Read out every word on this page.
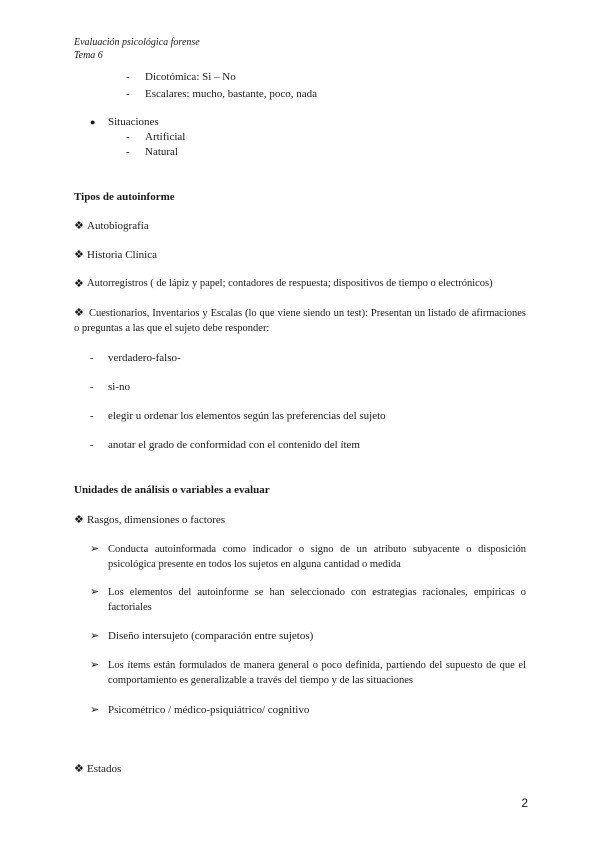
Evaluación psicológica forense
Tema 6
- Dicotómica: Si – No
- Escalares: mucho, bastante, poco, nada
● Situaciones
- Artificial
- Natural
Tipos de autoinforme
❖ Autobiografía
❖ Historia Clínica
❖ Autorregistros ( de lápiz y papel; contadores de respuesta; dispositivos de tiempo o electrónicos)
❖ Cuestionarios, Inventarios y Escalas (lo que viene siendo un test): Presentan un listado de afirmaciones o preguntas a las que el sujeto debe responder:
- verdadero-falso-
- si-no
- elegir u ordenar los elementos según las preferencias del sujeto
- anotar el grado de conformidad con el contenido del ítem
Unidades de análisis o variables a evaluar
❖ Rasgos, dimensiones o factores
➢ Conducta autoinformada como indicador o signo de un atributo subyacente o disposición psicológica presente en todos los sujetos en alguna cantidad o medida
➢ Los elementos del autoinforme se han seleccionado con estrategias racionales, empíricas o factoriales
➢ Diseño intersujeto (comparación entre sujetos)
➢ Los ítems están formulados de manera general o poco definida, partiendo del supuesto de que el comportamiento es generalizable a través del tiempo y de las situaciones
➢ Psicométrico / médico-psiquiátrico/ cognitivo
❖ Estados
2
